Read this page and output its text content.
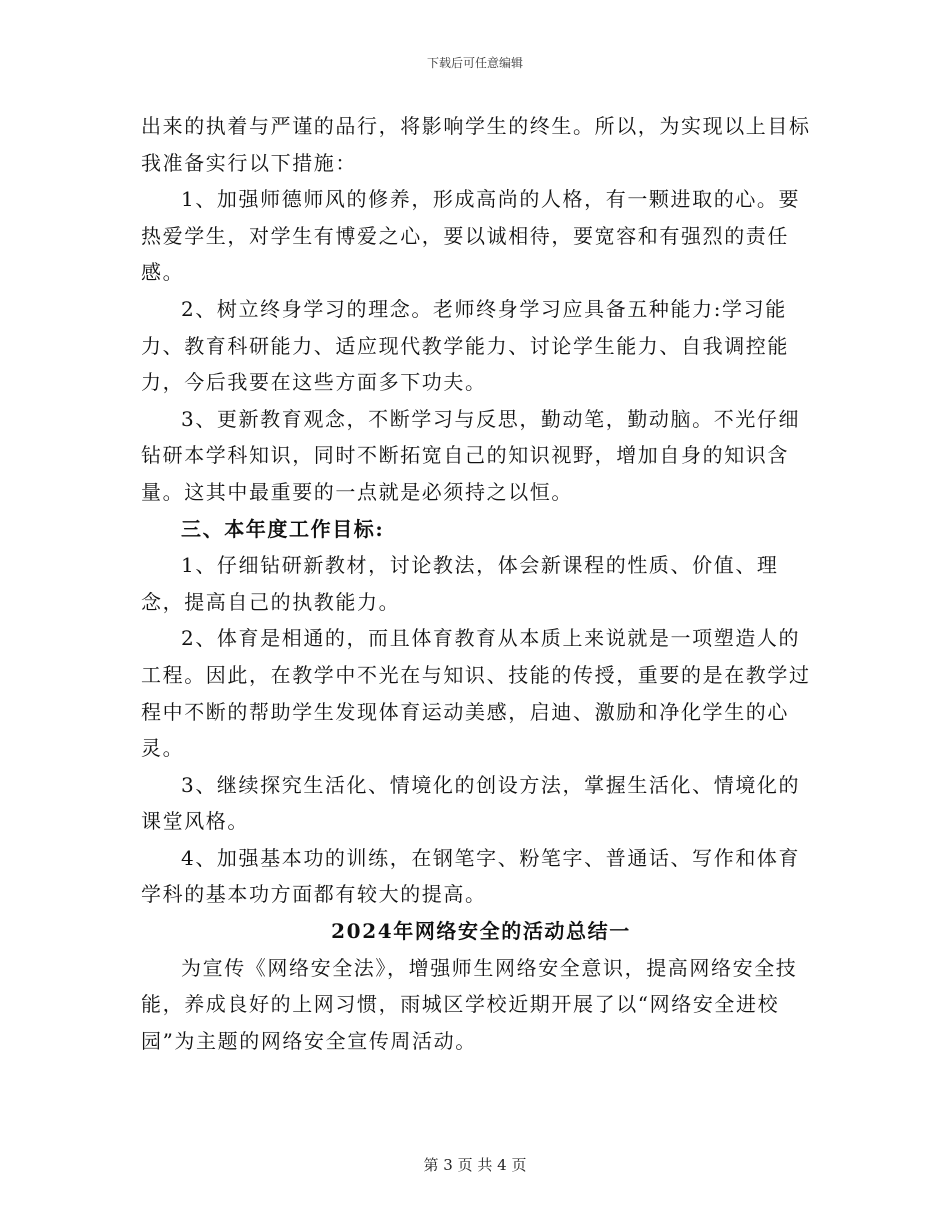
下载后可任意编辑

出来的执着与严谨的品行，将影响学生的终生。所以，为实现以上目标我准备实行以下措施：

1、加强师德师风的修养，形成高尚的人格，有一颗进取的心。要热爱学生，对学生有博爱之心，要以诚相待，要宽容和有强烈的责任感。

2、树立终身学习的理念。老师终身学习应具备五种能力:学习能力、教育科研能力、适应现代教学能力、讨论学生能力、自我调控能力，今后我要在这些方面多下功夫。

3、更新教育观念，不断学习与反思，勤动笔，勤动脑。不光仔细钻研本学科知识，同时不断拓宽自己的知识视野，增加自身的知识含量。这其中最重要的一点就是必须持之以恒。

三、本年度工作目标:

1、仔细钻研新教材，讨论教法，体会新课程的性质、价值、理念，提高自己的执教能力。

2、体育是相通的，而且体育教育从本质上来说就是一项塑造人的工程。因此，在教学中不光在与知识、技能的传授，重要的是在教学过程中不断的帮助学生发现体育运动美感，启迪、激励和净化学生的心灵。

3、继续探究生活化、情境化的创设方法，掌握生活化、情境化的课堂风格。

4、加强基本功的训练，在钢笔字、粉笔字、普通话、写作和体育学科的基本功方面都有较大的提高。

2024年网络安全的活动总结一

为宣传《网络安全法》，增强师生网络安全意识，提高网络安全技能，养成良好的上网习惯，雨城区学校近期开展了以“网络安全进校园”为主题的网络安全宣传周活动。

第 3 页 共 4 页
